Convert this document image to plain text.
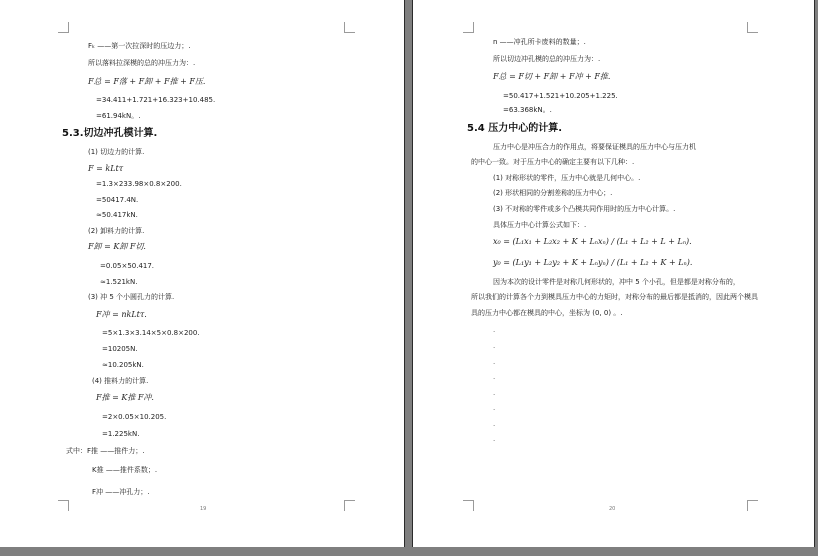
Fₖ ——第一次拉深时的压边力；.
所以落料拉深模的总的冲压力为：.
F总 = F落 + F卸 + F推 + F压.
=34.411+1.721+16.323+10.485.
=61.94kN。.
5.3.切边冲孔模计算.
(1) 切边力的计算.
F = kLtτ
=1.3×233.98×0.8×200.
=50417.4N.
≈50.417kN.
(2) 卸料力的计算.
F卸 = K卸 F切.
=0.05×50.417.
≈1.521kN.
(3) 冲 5 个小圆孔力的计算.
F冲 = nkLtτ.
=5×1.3×3.14×5×0.8×200.
=10205N.
≈10.205kN.
(4) 推料力的计算.
F推 = K推 F冲.
=2×0.05×10.205.
=1.225kN.
式中：F推 ——推件力；.
K推 ——推件系数；.
F冲 ——冲孔力；.
19
n ——冲孔所卡废料的数量；.
所以切边冲孔模的总的冲压力为：.
F总 = F切 + F卸 + F冲 + F推.
=50.417+1.521+10.205+1.225.
=63.368kN。.
5.4 压力中心的计算.
压力中心是冲压合力的作用点，将要保证模具的压力中心与压力机
的中心一致。对于压力中心的确定主要有以下几种：.
(1) 对称形状的零件，压力中心就是几何中心。.
(2) 形状相同的分割差称的压力中心；.
(3) 不对称的零件或多个凸模共同作用时的压力中心计算。.
具体压力中心计算公式如下：.
x₀ = (L₁x₁ + L₂x₂ + K + Lₙxₙ) / (L₁ + L₂ + L + Lₙ).
y₀ = (L₁y₁ + L₂y₂ + K + Lₙyₙ) / (L₁ + L₂ + K + Lₙ).
因为本次的设计零件是对称几何形状的，冲中 5 个小孔，但是都是对称分布的，
所以我们的计算各个力到模具压力中心的力矩时，对称分布的最后都是抵消的，因此两个模具
具的压力中心都在模具的中心，坐标为 (0, 0) 。.
.
.
.
.
.
.
.
.
20
